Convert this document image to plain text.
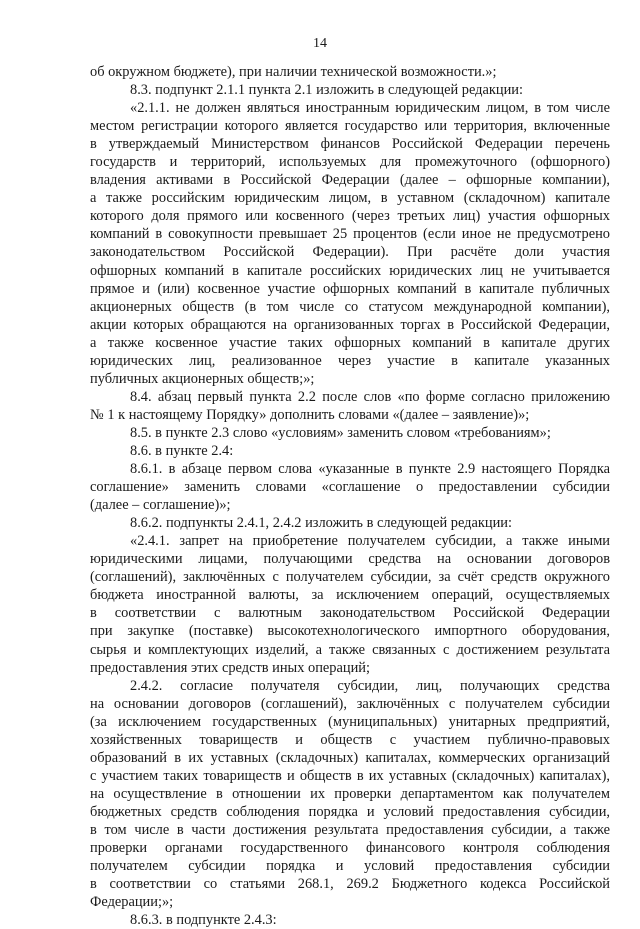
14
об окружном бюджете), при наличии технической возможности.»;
8.3. подпункт 2.1.1 пункта 2.1 изложить в следующей редакции:
«2.1.1. не должен являться иностранным юридическим лицом, в том числе
местом регистрации которого является государство или территория, включенные
в утверждаемый Министерством финансов Российской Федерации перечень
государств и территорий, используемых для промежуточного (офшорного)
владения активами в Российской Федерации (далее – офшорные компании),
а также российским юридическим лицом, в уставном (складочном) капитале
которого доля прямого или косвенного (через третьих лиц) участия офшорных
компаний в совокупности превышает 25 процентов (если иное не предусмотрено
законодательством Российской Федерации). При расчёте доли участия
офшорных компаний в капитале российских юридических лиц не учитывается
прямое и (или) косвенное участие офшорных компаний в капитале публичных
акционерных обществ (в том числе со статусом международной компании),
акции которых обращаются на организованных торгах в Российской Федерации,
а также косвенное участие таких офшорных компаний в капитале других
юридических лиц, реализованное через участие в капитале указанных
публичных акционерных обществ;»;
8.4. абзац первый пункта 2.2 после слов «по форме согласно приложению
№ 1 к настоящему Порядку» дополнить словами «(далее – заявление)»;
8.5. в пункте 2.3 слово «условиям» заменить словом «требованиям»;
8.6. в пункте 2.4:
8.6.1. в абзаце первом слова «указанные в пункте 2.9 настоящего Порядка
соглашение» заменить словами «соглашение о предоставлении субсидии
(далее – соглашение)»;
8.6.2. подпункты 2.4.1, 2.4.2 изложить в следующей редакции:
«2.4.1. запрет на приобретение получателем субсидии, а также иными
юридическими лицами, получающими средства на основании договоров
(соглашений), заключённых с получателем субсидии, за счёт средств окружного
бюджета иностранной валюты, за исключением операций, осуществляемых
в соответствии с валютным законодательством Российской Федерации
при закупке (поставке) высокотехнологического импортного оборудования,
сырья и комплектующих изделий, а также связанных с достижением результата
предоставления этих средств иных операций;
2.4.2. согласие получателя субсидии, лиц, получающих средства
на основании договоров (соглашений), заключённых с получателем субсидии
(за исключением государственных (муниципальных) унитарных предприятий,
хозяйственных товариществ и обществ с участием публично-правовых
образований в их уставных (складочных) капиталах, коммерческих организаций
с участием таких товариществ и обществ в их уставных (складочных) капиталах),
на осуществление в отношении их проверки департаментом как получателем
бюджетных средств соблюдения порядка и условий предоставления субсидии,
в том числе в части достижения результата предоставления субсидии, а также
проверки органами государственного финансового контроля соблюдения
получателем субсидии порядка и условий предоставления субсидии
в соответствии со статьями 268.1, 269.2 Бюджетного кодекса Российской
Федерации;»;
8.6.3. в подпункте 2.4.3:
